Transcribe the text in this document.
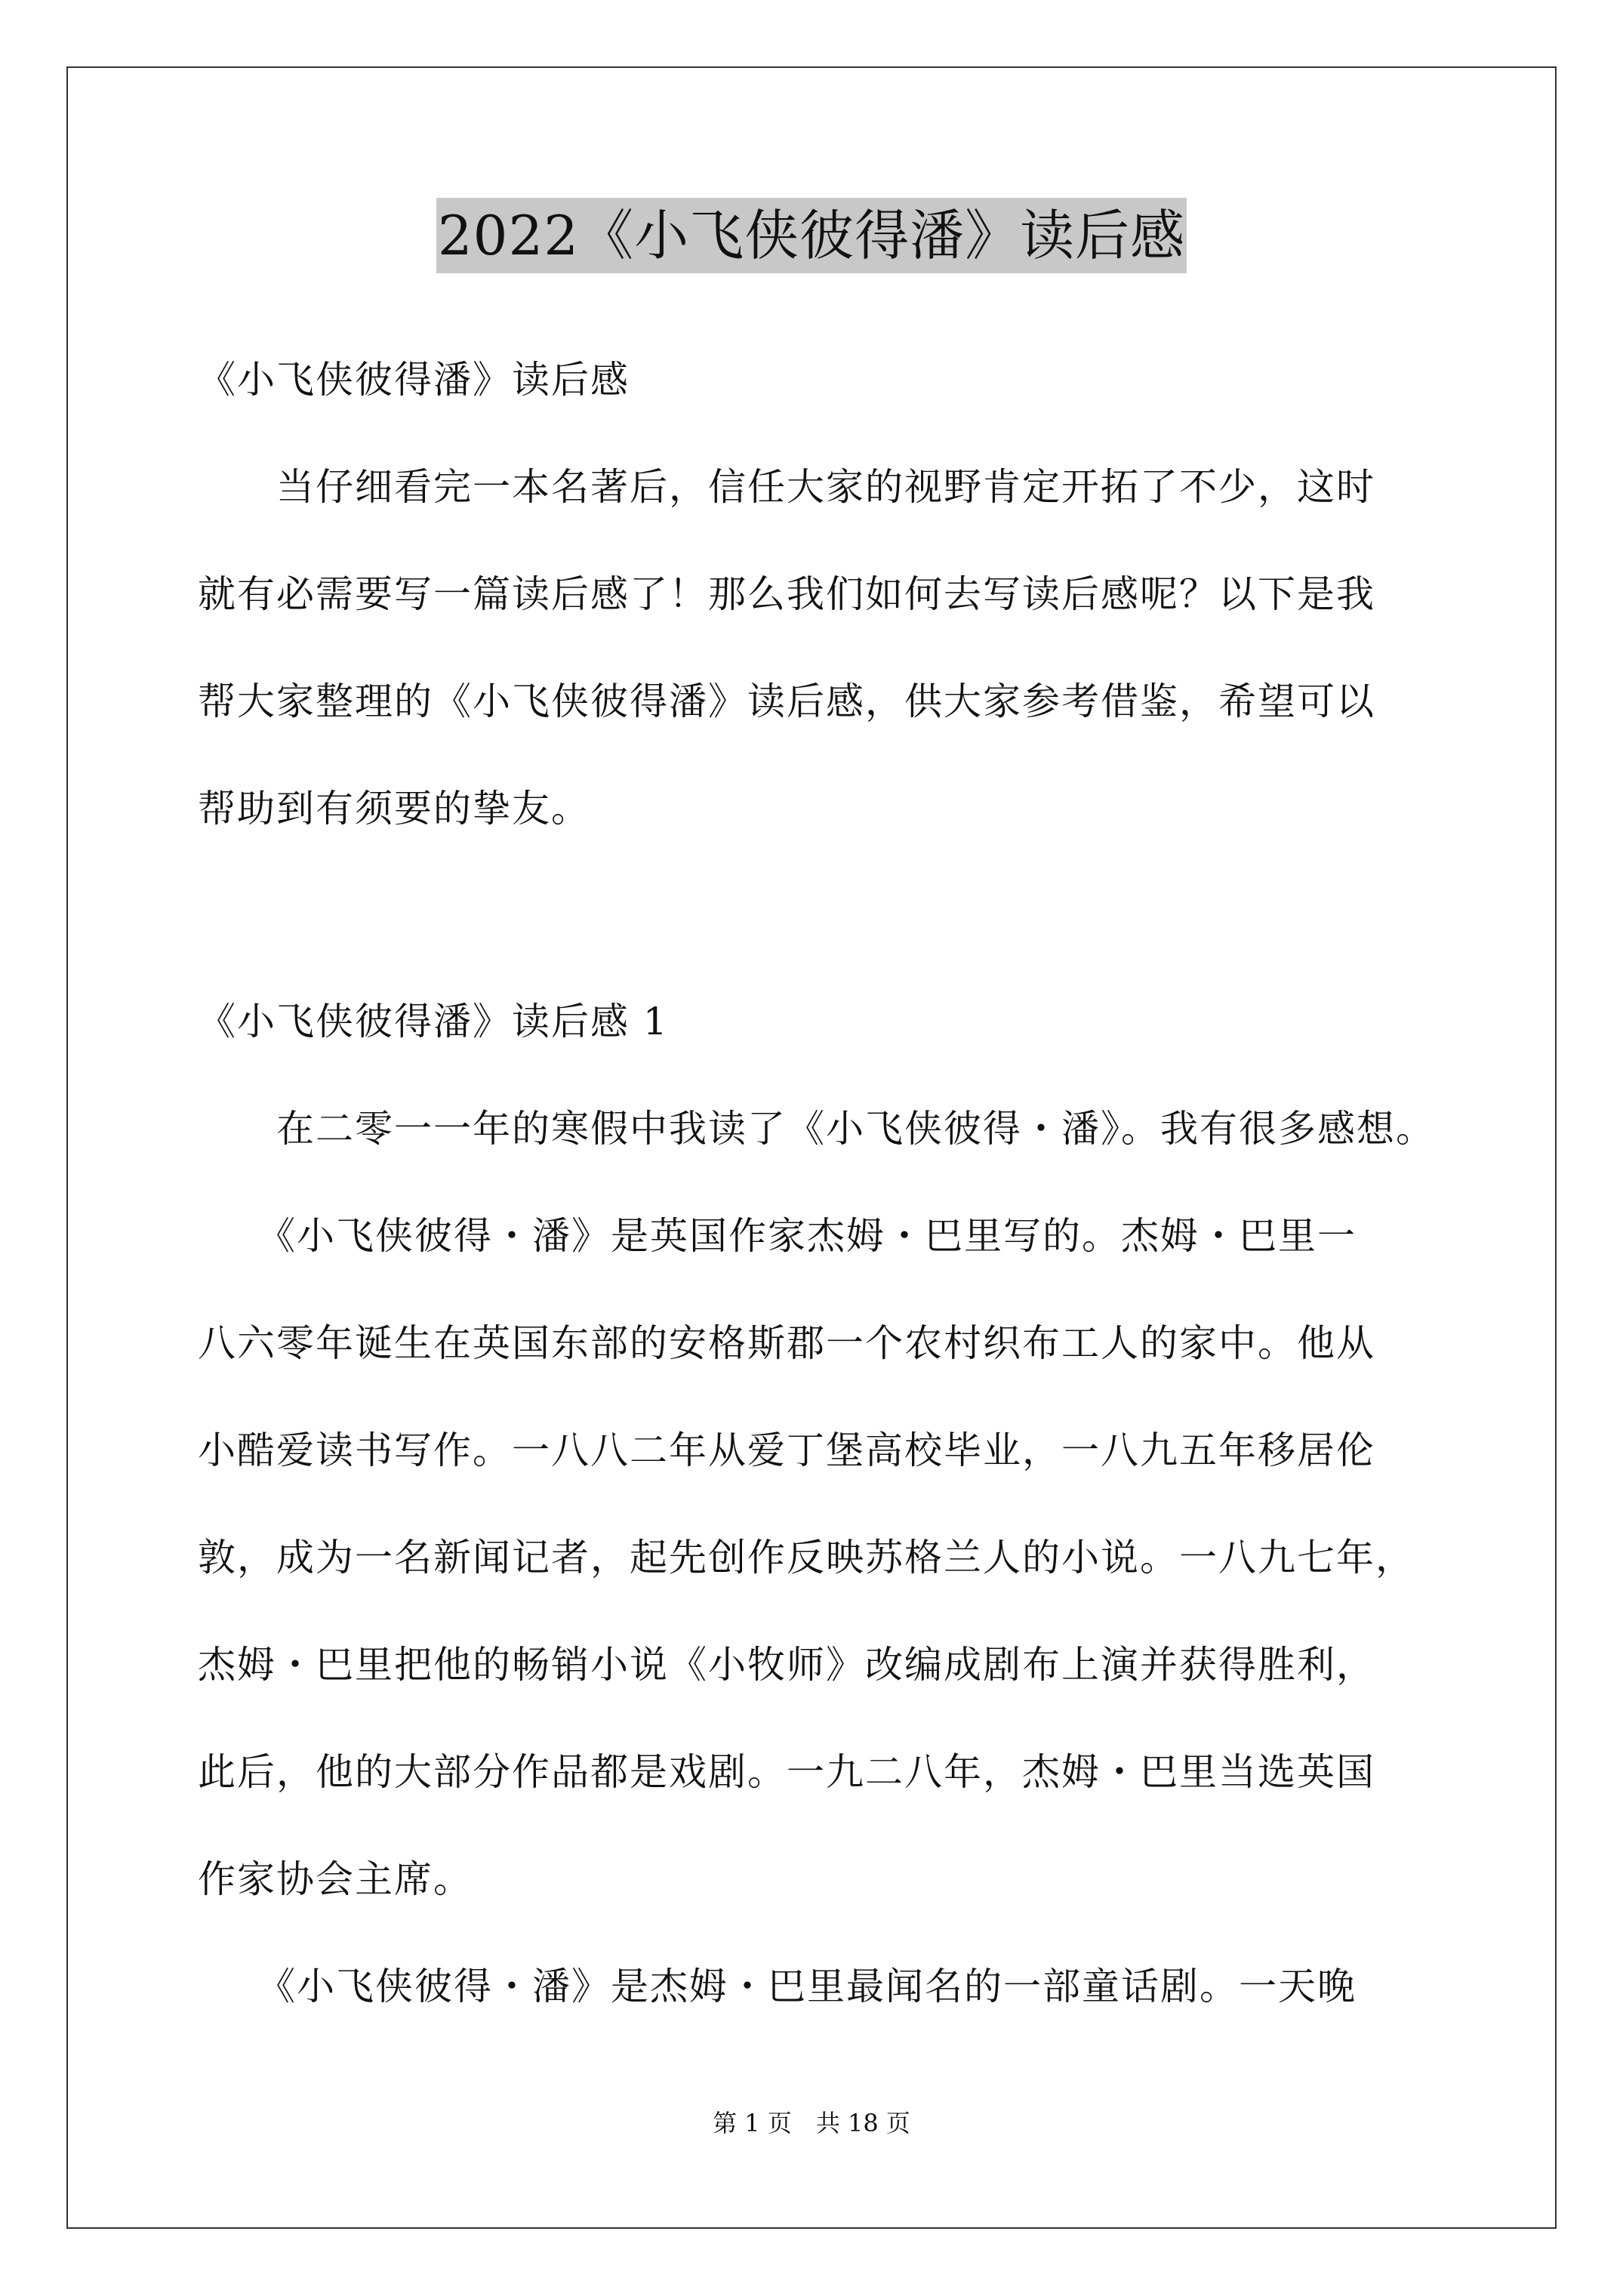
2022《小飞侠彼得潘》读后感
《小飞侠彼得潘》读后感
　　当仔细看完一本名著后，信任大家的视野肯定开拓了不少，这时
就有必需要写一篇读后感了！那么我们如何去写读后感呢？以下是我
帮大家整理的《小飞侠彼得潘》读后感，供大家参考借鉴，希望可以
帮助到有须要的挚友。
《小飞侠彼得潘》读后感 1
　　在二零一一年的寒假中我读了《小飞侠彼得・潘》。我有很多感想。
　　《小飞侠彼得・潘》是英国作家杰姆・巴里写的。杰姆・巴里一
八六零年诞生在英国东部的安格斯郡一个农村织布工人的家中。他从
小酷爱读书写作。一八八二年从爱丁堡高校毕业，一八九五年移居伦
敦，成为一名新闻记者，起先创作反映苏格兰人的小说。一八九七年，
杰姆・巴里把他的畅销小说《小牧师》改编成剧布上演并获得胜利，
此后，他的大部分作品都是戏剧。一九二八年，杰姆・巴里当选英国
作家协会主席。
　　《小飞侠彼得・潘》是杰姆・巴里最闻名的一部童话剧。一天晚
第 1 页　共 18 页
